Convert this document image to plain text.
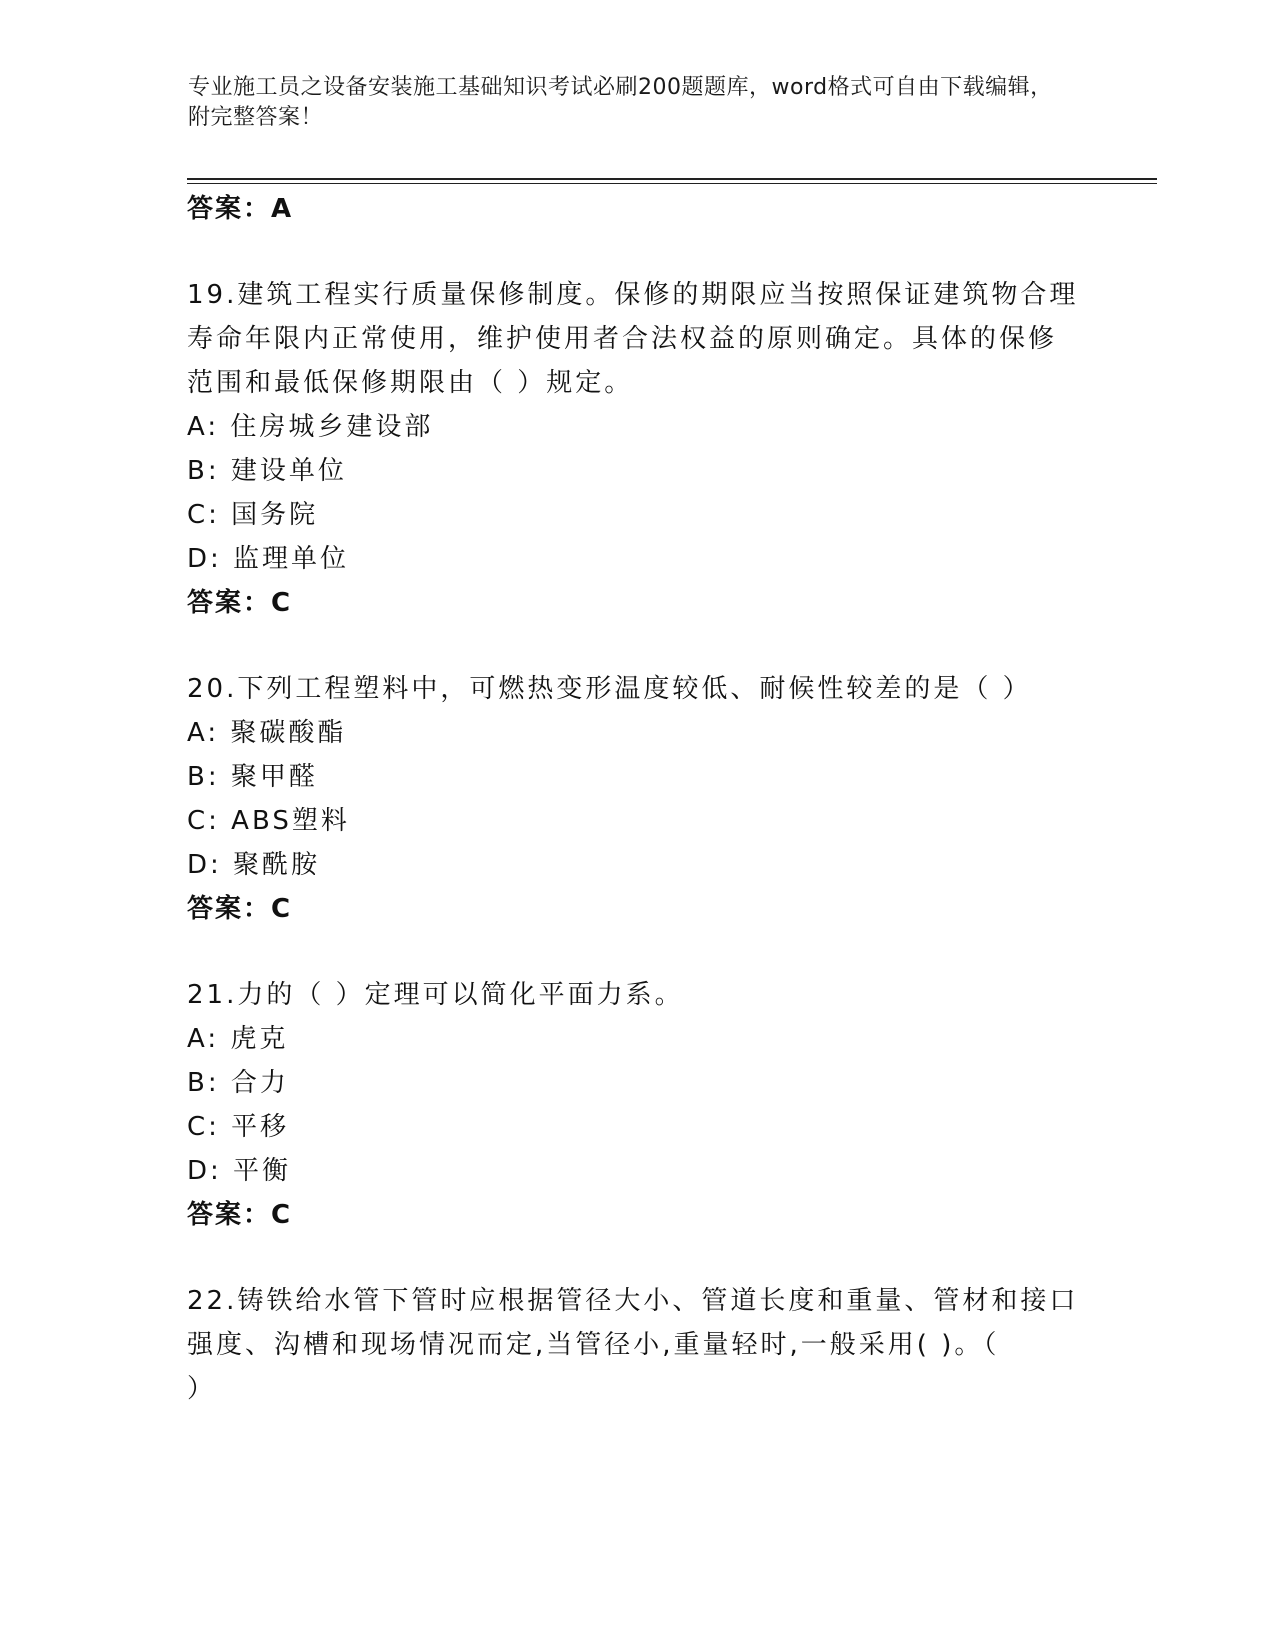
专业施工员之设备安装施工基础知识考试必刷200题题库，word格式可自由下载编辑，附完整答案！
答案：A
19.建筑工程实行质量保修制度。保修的期限应当按照保证建筑物合理
寿命年限内正常使用，维护使用者合法权益的原则确定。具体的保修
范围和最低保修期限由（ ）规定。
A: 住房城乡建设部
B: 建设单位
C: 国务院
D: 监理单位
答案：C
20.下列工程塑料中，可燃热变形温度较低、耐候性较差的是（ ）
A: 聚碳酸酯
B: 聚甲醛
C: ABS塑料
D: 聚酰胺
答案：C
21.力的（ ）定理可以简化平面力系。
A: 虎克
B: 合力
C: 平移
D: 平衡
答案：C
22.铸铁给水管下管时应根据管径大小、管道长度和重量、管材和接口
强度、沟槽和现场情况而定,当管径小,重量轻时,一般采用( )。（
）
